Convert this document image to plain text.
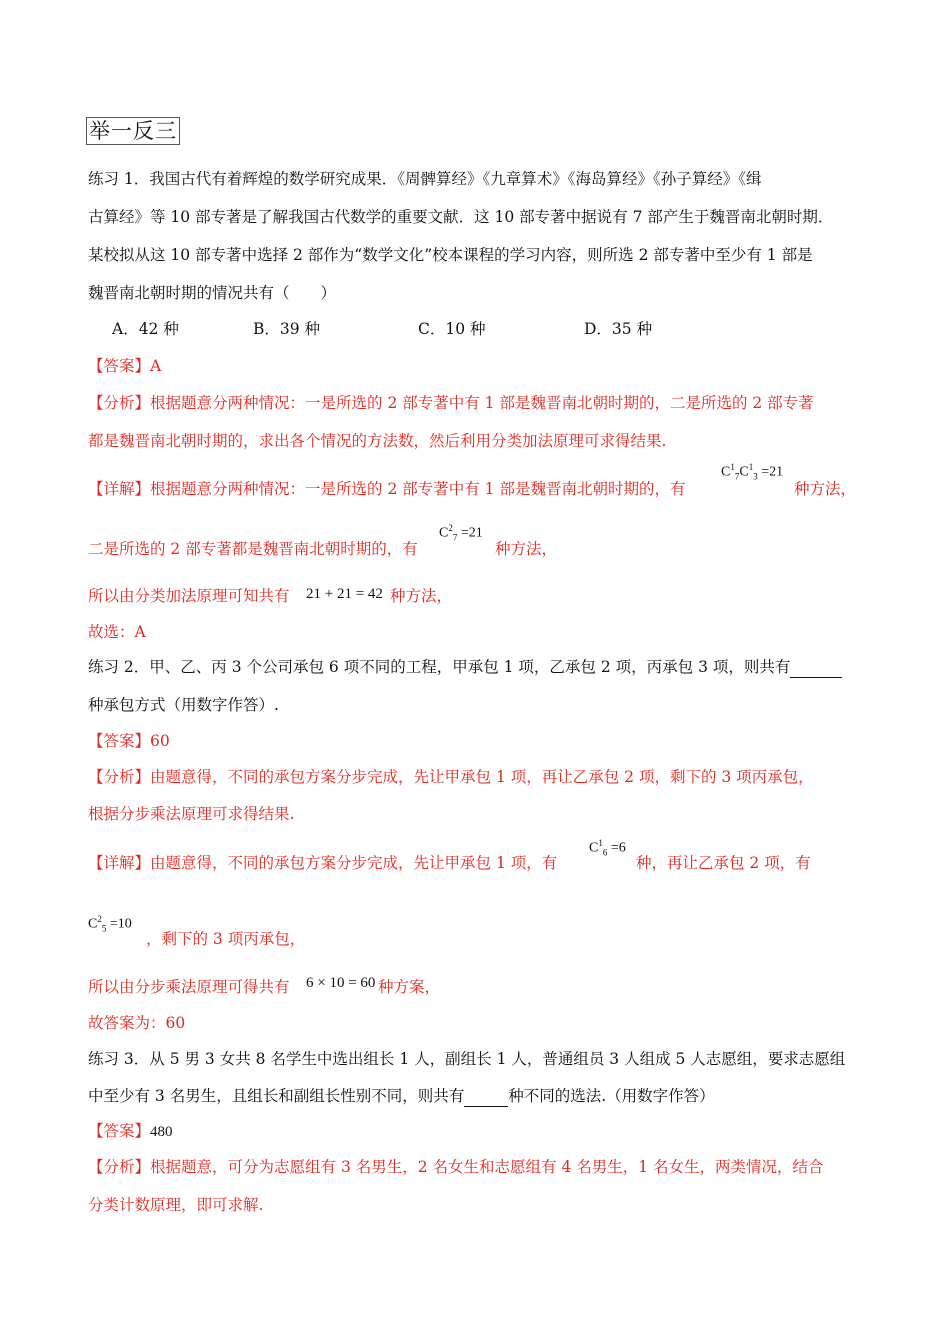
举一反三
练习 1．我国古代有着辉煌的数学研究成果．《周髀算经》《九章算术》《海岛算经》《孙子算经》《缉
古算经》等 10 部专著是了解我国古代数学的重要文献．这 10 部专著中据说有 7 部产生于魏晋南北朝时期．
某校拟从这 10 部专著中选择 2 部作为“数学文化”校本课程的学习内容，则所选 2 部专著中至少有 1 部是
魏晋南北朝时期的情况共有（　　）
A．42 种	B．39 种	C．10 种	D．35 种
【答案】A
【分析】根据题意分两种情况：一是所选的 2 部专著中有 1 部是魏晋南北朝时期的，二是所选的 2 部专著
都是魏晋南北朝时期的，求出各个情况的方法数，然后利用分类加法原理可求得结果.
【详解】根据题意分两种情况：一是所选的 2 部专著中有 1 部是魏晋南北朝时期的，有
$C^1_7C^1_3 =21$
种方法，
二是所选的 2 部专著都是魏晋南北朝时期的，有
$C^2_7 =21$
种方法，
所以由分类加法原理可知共有 21 + 21 = 42 种方法，
故选：A
练习 2．甲、乙、丙 3 个公司承包 6 项不同的工程，甲承包 1 项，乙承包 2 项，丙承包 3 项，则共有
种承包方式（用数字作答）.
【答案】60
【分析】由题意得，不同的承包方案分步完成，先让甲承包 1 项，再让乙承包 2 项，剩下的 3 项丙承包，
根据分步乘法原理可求得结果.
【详解】由题意得，不同的承包方案分步完成，先让甲承包 1 项，有
$C^1_6 =6$
种，再让乙承包 2 项，有
$C^2_5 =10$
，剩下的 3 项丙承包，
所以由分步乘法原理可得共有 6 × 10 = 60 种方案，
故答案为：60
练习 3．从 5 男 3 女共 8 名学生中选出组长 1 人，副组长 1 人，普通组员 3 人组成 5 人志愿组，要求志愿组
中至少有 3 名男生，且组长和副组长性别不同，则共有	种不同的选法.（用数字作答）
【答案】480
【分析】根据题意，可分为志愿组有 3 名男生，2 名女生和志愿组有 4 名男生，1 名女生，两类情况，结合
分类计数原理，即可求解.
